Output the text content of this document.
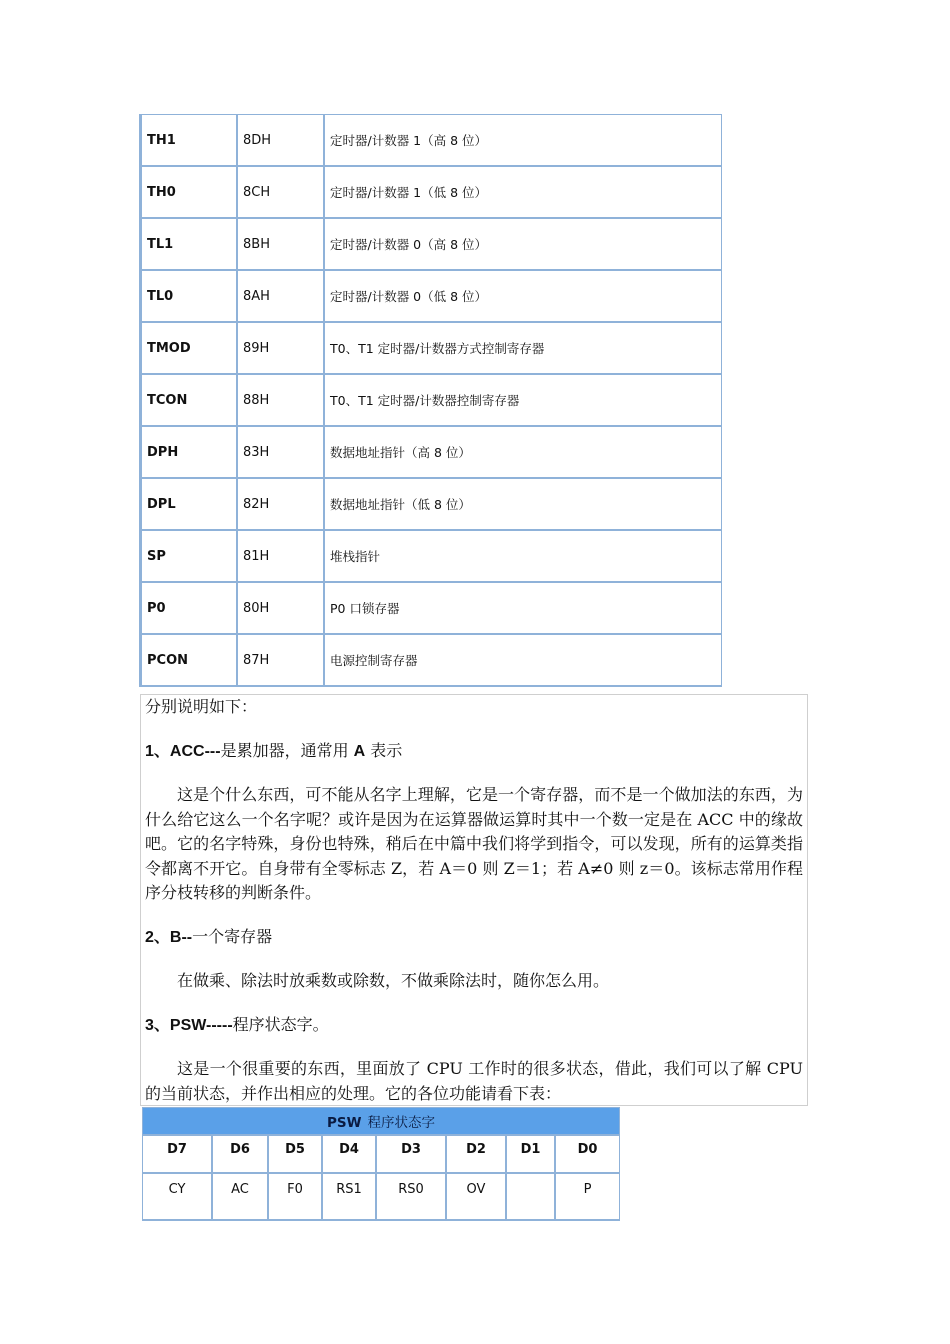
TH1	8DH	定时器/计数器 1（高 8 位）
TH0	8CH	定时器/计数器 1（低 8 位）
TL1	8BH	定时器/计数器 0（高 8 位）
TL0	8AH	定时器/计数器 0（低 8 位）
TMOD	89H	T0、T1 定时器/计数器方式控制寄存器
TCON	88H	T0、T1 定时器/计数器控制寄存器
DPH	83H	数据地址指针（高 8 位）
DPL	82H	数据地址指针（低 8 位）
SP	81H	堆栈指针
P0	80H	P0 口锁存器
PCON	87H	电源控制寄存器

分别说明如下：

1、ACC---是累加器，通常用 A 表示

这是个什么东西，可不能从名字上理解，它是一个寄存器，而不是一个做加法的东西，为什么给它这么一个名字呢？或许是因为在运算器做运算时其中一个数一定是在 ACC 中的缘故吧。它的名字特殊，身份也特殊，稍后在中篇中我们将学到指令，可以发现，所有的运算类指令都离不开它。自身带有全零标志 Z，若 A＝0 则 Z＝1；若 A≠0 则 z＝0。该标志常用作程序分枝转移的判断条件。

2、B--一个寄存器

在做乘、除法时放乘数或除数，不做乘除法时，随你怎么用。

3、PSW-----程序状态字。

这是一个很重要的东西，里面放了 CPU 工作时的很多状态，借此，我们可以了解 CPU 的当前状态，并作出相应的处理。它的各位功能请看下表：

PSW 程序状态字							
D7	D6	D5	D4	D3	D2	D1	D0
CY	AC	F0	RS1	RS0	OV		P
